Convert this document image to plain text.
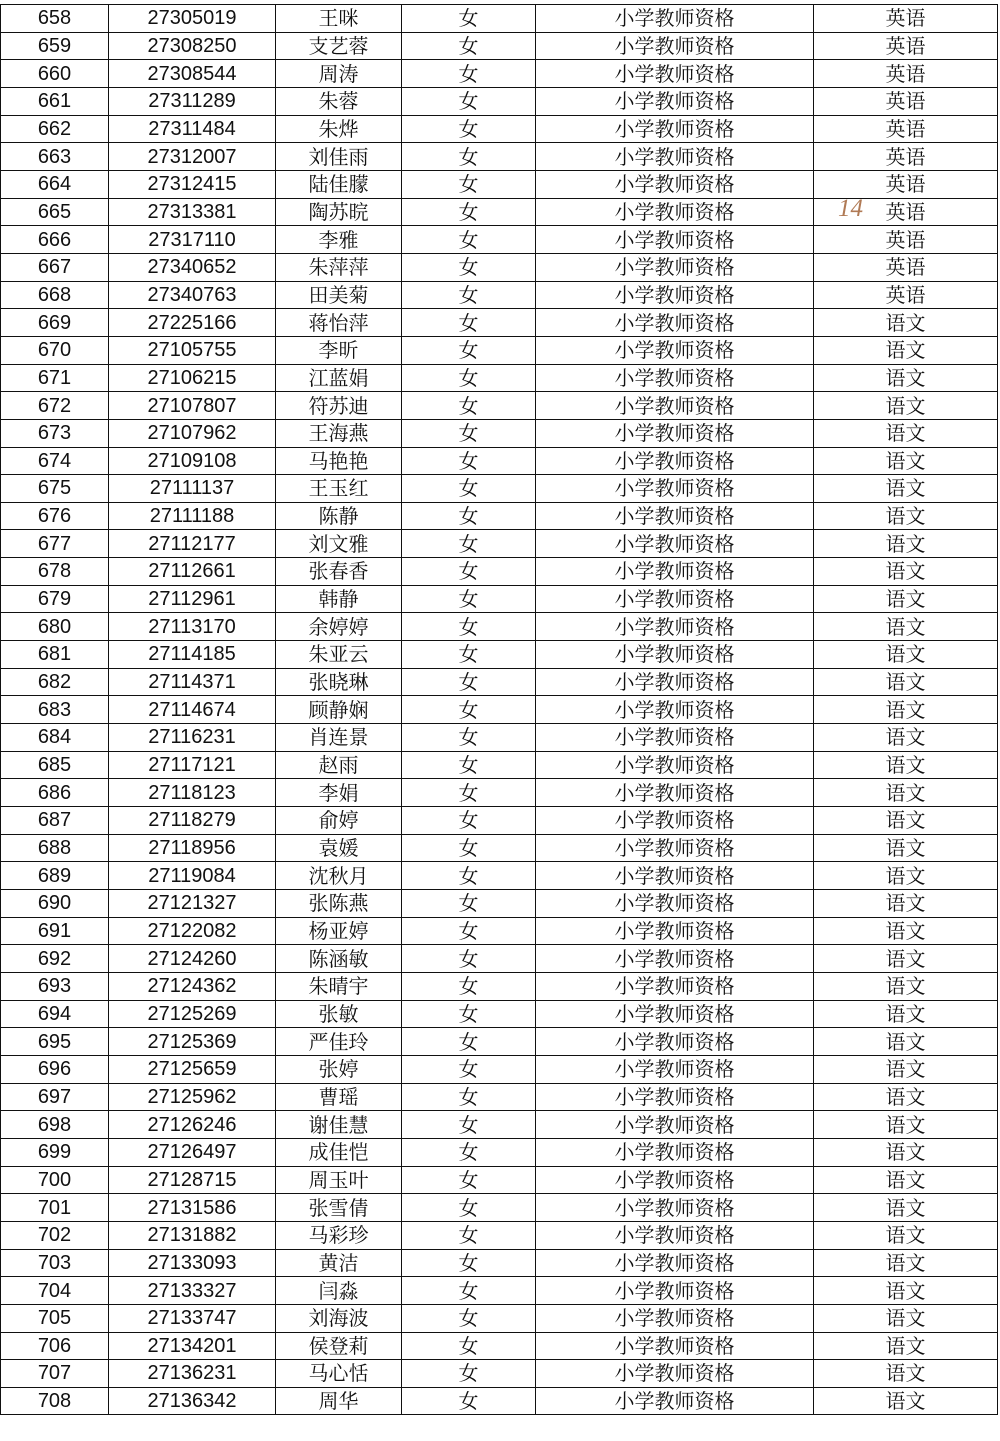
658	27305019	王咪	女	小学教师资格	英语
659	27308250	支艺蓉	女	小学教师资格	英语
660	27308544	周涛	女	小学教师资格	英语
661	27311289	朱蓉	女	小学教师资格	英语
662	27311484	朱烨	女	小学教师资格	英语
663	27312007	刘佳雨	女	小学教师资格	英语
664	27312415	陆佳朦	女	小学教师资格	英语
665	27313381	陶苏晥	女	小学教师资格	英语
666	27317110	李雅	女	小学教师资格	英语
667	27340652	朱萍萍	女	小学教师资格	英语
668	27340763	田美菊	女	小学教师资格	英语
669	27225166	蒋怡萍	女	小学教师资格	语文
670	27105755	李昕	女	小学教师资格	语文
671	27106215	江蓝娟	女	小学教师资格	语文
672	27107807	符苏迪	女	小学教师资格	语文
673	27107962	王海燕	女	小学教师资格	语文
674	27109108	马艳艳	女	小学教师资格	语文
675	27111137	王玉红	女	小学教师资格	语文
676	27111188	陈静	女	小学教师资格	语文
677	27112177	刘文雅	女	小学教师资格	语文
678	27112661	张春香	女	小学教师资格	语文
679	27112961	韩静	女	小学教师资格	语文
680	27113170	余婷婷	女	小学教师资格	语文
681	27114185	朱亚云	女	小学教师资格	语文
682	27114371	张晓琳	女	小学教师资格	语文
683	27114674	顾静娴	女	小学教师资格	语文
684	27116231	肖连景	女	小学教师资格	语文
685	27117121	赵雨	女	小学教师资格	语文
686	27118123	李娟	女	小学教师资格	语文
687	27118279	俞婷	女	小学教师资格	语文
688	27118956	袁媛	女	小学教师资格	语文
689	27119084	沈秋月	女	小学教师资格	语文
690	27121327	张陈燕	女	小学教师资格	语文
691	27122082	杨亚婷	女	小学教师资格	语文
692	27124260	陈涵敏	女	小学教师资格	语文
693	27124362	朱晴宇	女	小学教师资格	语文
694	27125269	张敏	女	小学教师资格	语文
695	27125369	严佳玲	女	小学教师资格	语文
696	27125659	张婷	女	小学教师资格	语文
697	27125962	曹瑶	女	小学教师资格	语文
698	27126246	谢佳慧	女	小学教师资格	语文
699	27126497	成佳恺	女	小学教师资格	语文
700	27128715	周玉叶	女	小学教师资格	语文
701	27131586	张雪倩	女	小学教师资格	语文
702	27131882	马彩珍	女	小学教师资格	语文
703	27133093	黄洁	女	小学教师资格	语文
704	27133327	闫淼	女	小学教师资格	语文
705	27133747	刘海波	女	小学教师资格	语文
706	27134201	侯登莉	女	小学教师资格	语文
707	27136231	马心恬	女	小学教师资格	语文
708	27136342	周华	女	小学教师资格	语文
14
